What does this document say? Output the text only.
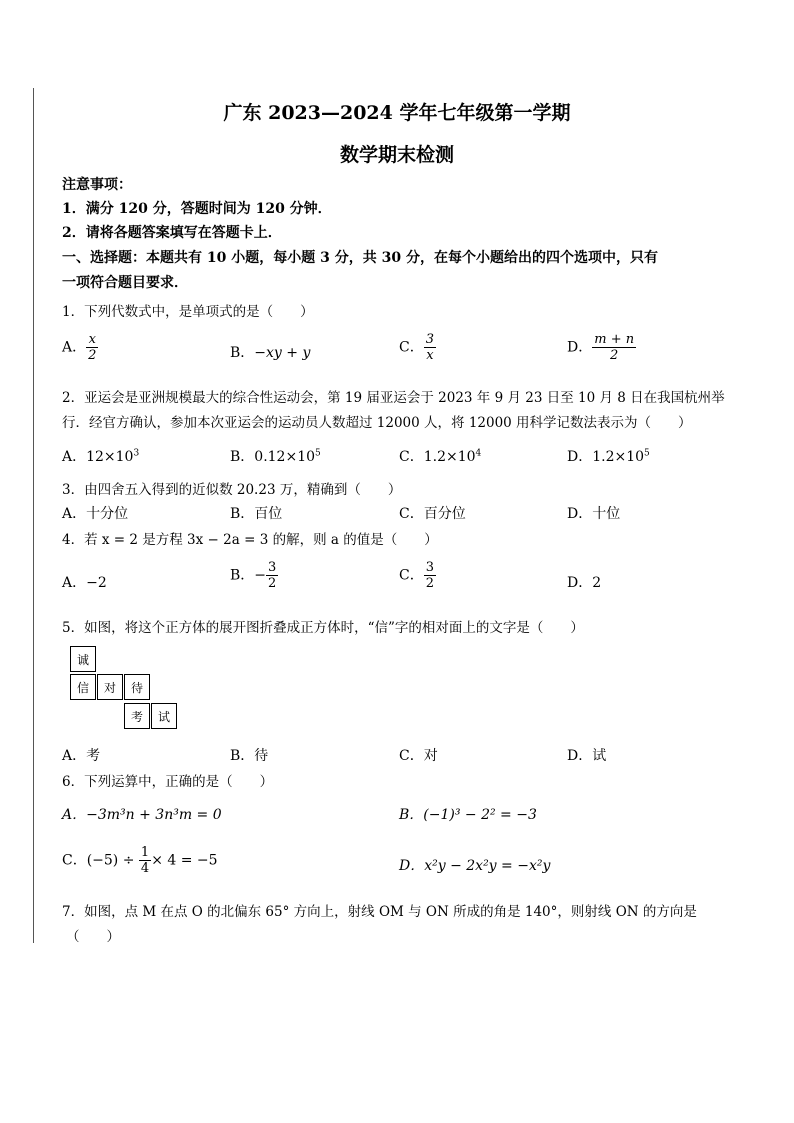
广东 2023—2024 学年七年级第一学期
数学期末检测
注意事项：
1．满分 120 分，答题时间为 120 分钟．
2．请将各题答案填写在答题卡上．
一、选择题：本题共有 10 小题，每小题 3 分，共 30 分，在每个小题给出的四个选项中，只有
一项符合题目要求．
1．下列代数式中，是单项式的是（　　）
A． $\frac{x}{2}$	B．−xy + y	C． $\frac{3}{x}$	D． $\frac{m + n}{2}$
2．亚运会是亚洲规模最大的综合性运动会，第 19 届亚运会于 2023 年 9 月 23 日至 10 月 8 日在我国杭州举
行．经官方确认，参加本次亚运会的运动员人数超过 12000 人，将 12000 用科学记数法表示为（　　）
A．$12\times 10^3$	B．$0.12\times 10^5$	C．$1.2\times 10^4$	D．$1.2\times 10^5$
3．由四舍五入得到的近似数 20.23 万，精确到（　　）
A．十分位	B．百位	C．百分位	D．十位
4．若 x = 2 是方程 3x − 2a = 3 的解，则 a 的值是（　　）
A．−2	B．− $\frac{3}{2}$	C． $\frac{3}{2}$	D．2
5．如图，将这个正方体的展开图折叠成正方体时，“信”字的相对面上的文字是（　　）
诚
信	对	待
考	试
A．考	B．待	C．对	D．试
6．下列运算中，正确的是（　　）
A．−3m³n + 3n³m = 0	B．(−1)³ − 2² = −3
C．$(-5) \div \frac{1}{4} \times 4 = -5$	D．x²y − 2x²y = −x²y
7．如图，点 M 在点 O 的北偏东 65° 方向上，射线 OM 与 ON 所成的角是 140°，则射线 ON 的方向是
（　　）
